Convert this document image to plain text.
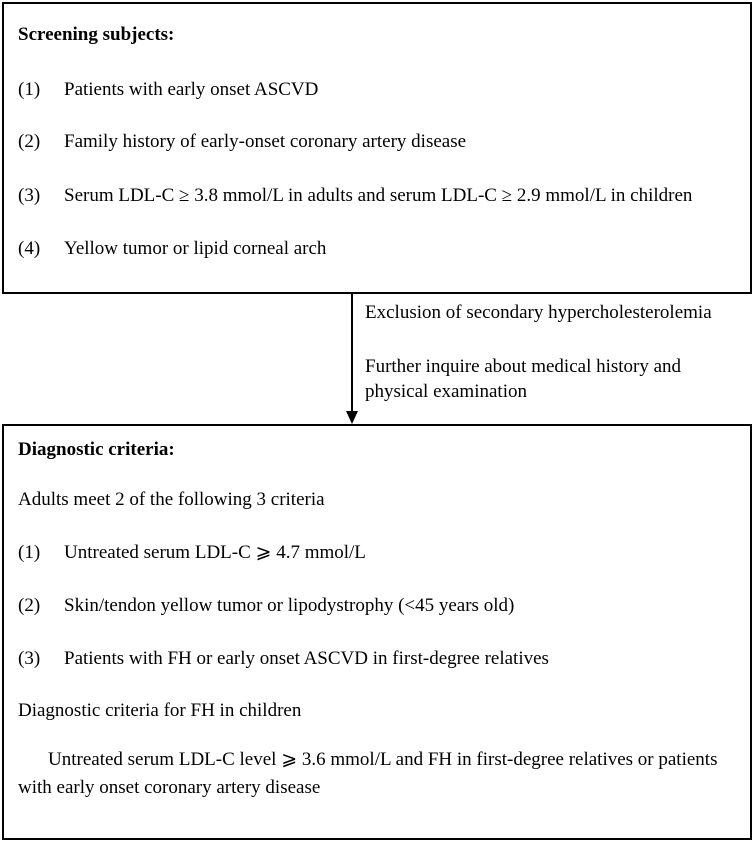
Screening subjects:
(1) Patients with early onset ASCVD
(2) Family history of early-onset coronary artery disease
(3) Serum LDL-C ≥ 3.8 mmol/L in adults and serum LDL-C ≥ 2.9 mmol/L in children
(4) Yellow tumor or lipid corneal arch
Exclusion of secondary hypercholesterolemia
Further inquire about medical history and
physical examination
Diagnostic criteria:
Adults meet 2 of the following 3 criteria
(1) Untreated serum LDL-C ⩾ 4.7 mmol/L
(2) Skin/tendon yellow tumor or lipodystrophy (<45 years old)
(3) Patients with FH or early onset ASCVD in first-degree relatives
Diagnostic criteria for FH in children
Untreated serum LDL-C level ⩾ 3.6 mmol/L and FH in first-degree relatives or patients with early onset coronary artery disease
